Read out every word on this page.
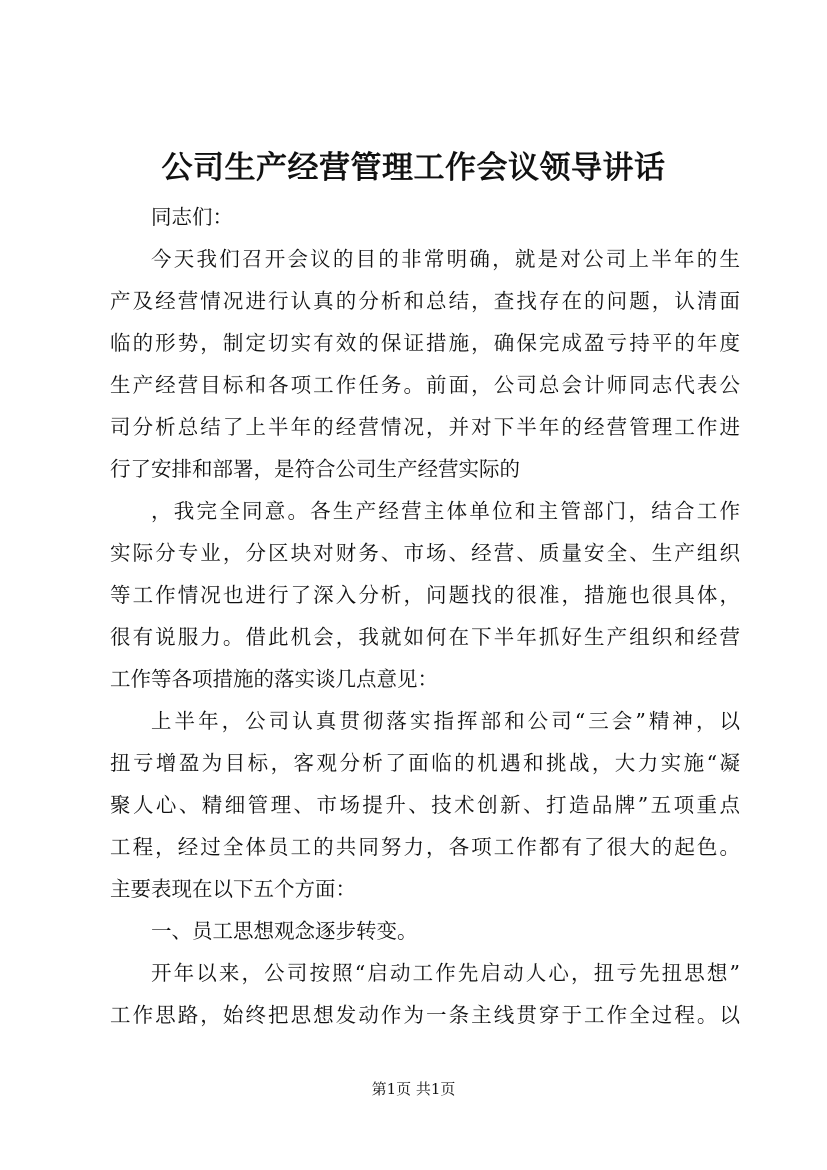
公司生产经营管理工作会议领导讲话
同志们：
今天我们召开会议的目的非常明确，就是对公司上半年的生
产及经营情况进行认真的分析和总结，查找存在的问题，认清面
临的形势，制定切实有效的保证措施，确保完成盈亏持平的年度
生产经营目标和各项工作任务。前面，公司总会计师同志代表公
司分析总结了上半年的经营情况，并对下半年的经营管理工作进
行了安排和部署，是符合公司生产经营实际的
，我完全同意。各生产经营主体单位和主管部门，结合工作
实际分专业，分区块对财务、市场、经营、质量安全、生产组织
等工作情况也进行了深入分析，问题找的很准，措施也很具体，
很有说服力。借此机会，我就如何在下半年抓好生产组织和经营
工作等各项措施的落实谈几点意见：
上半年，公司认真贯彻落实指挥部和公司“三会”精神，以
扭亏增盈为目标，客观分析了面临的机遇和挑战，大力实施“凝
聚人心、精细管理、市场提升、技术创新、打造品牌”五项重点
工程，经过全体员工的共同努力，各项工作都有了很大的起色。
主要表现在以下五个方面：
一、员工思想观念逐步转变。
开年以来，公司按照“启动工作先启动人心，扭亏先扭思想”
工作思路，始终把思想发动作为一条主线贯穿于工作全过程。以
第1页 共1页
